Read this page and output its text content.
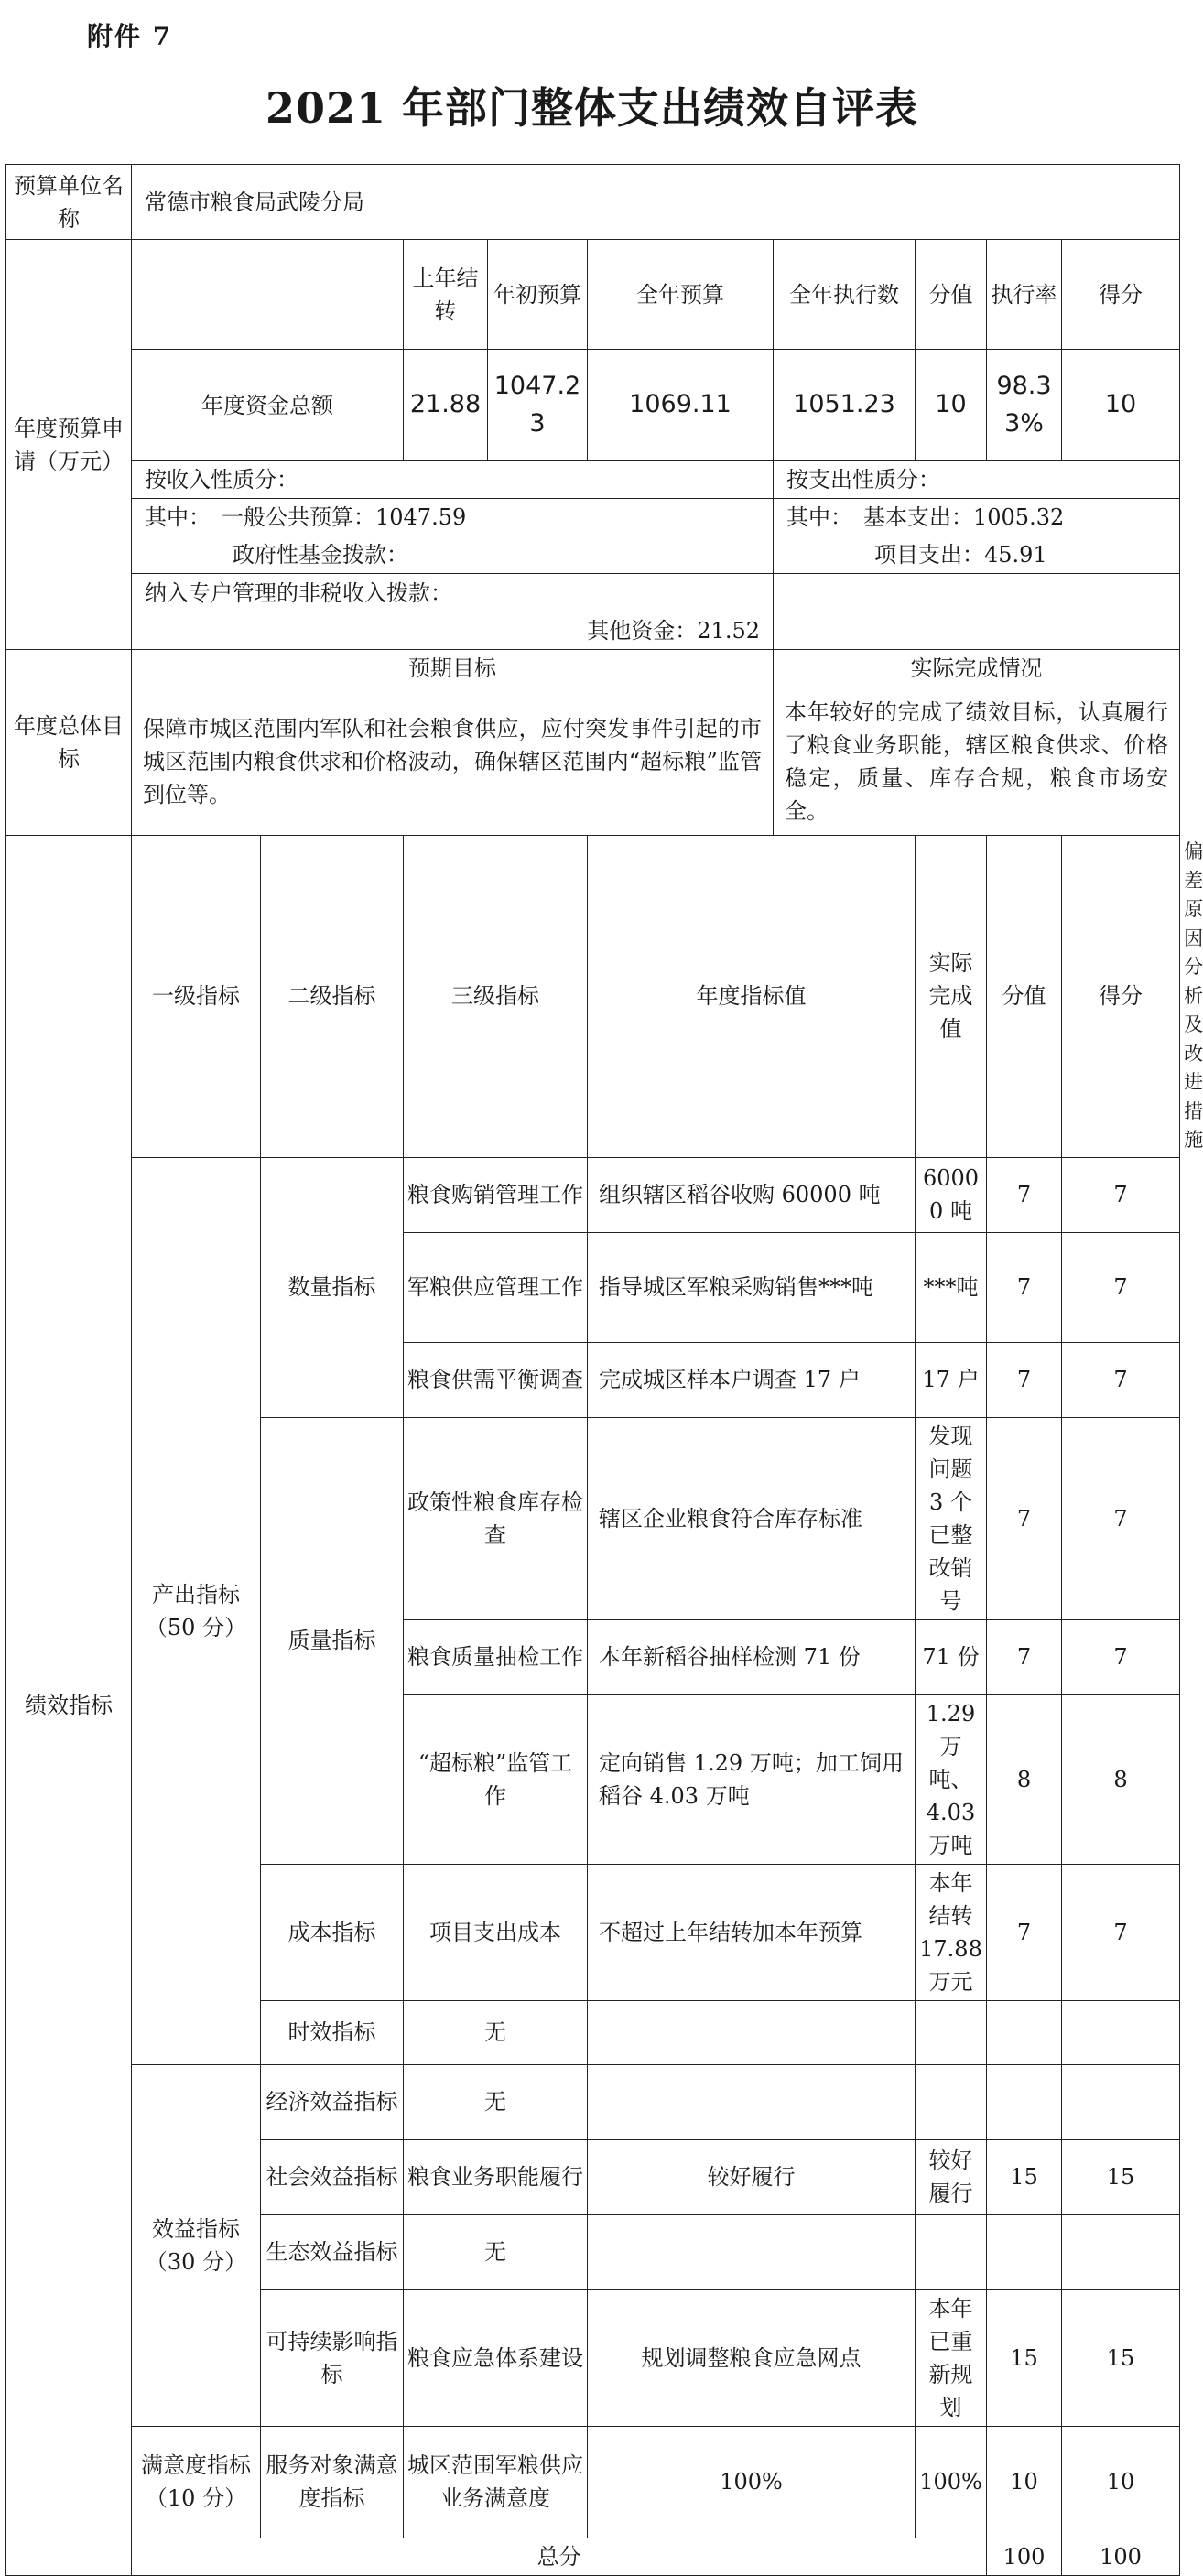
附件 7
2021 年部门整体支出绩效自评表
预算单位名称	常德市粮食局武陵分局									
年度预算申请（万元）			上年结转	年初预算	全年预算	全年执行数	分值	执行率	得分	
	年度资金总额		21.88	1047.23	1069.11	1051.23	10	98.33%	10	
	按收入性质分：					按支出性质分：				
	其中：　一般公共预算：1047.59					其中：　基本支出：1005.32				
	政府性基金拨款：					项目支出：45.91				
	纳入专户管理的非税收入拨款：									
	其他资金：21.52									
年度总体目标	预期目标					实际完成情况				
	保障市城区范围内军队和社会粮食供应，应付突发事件引起的市城区范围内粮食供求和价格波动，确保辖区范围内“超标粮”监管到位等。					本年较好的完成了绩效目标，认真履行了粮食业务职能，辖区粮食供求、价格稳定，质量、库存合规，粮食市场安全。				
绩效指标	一级指标	二级指标	三级指标		年度指标值		实际完成值	分值	得分	偏差原因分析及改进措施
	产出指标（50 分）	数量指标	粮食购销管理工作		组织辖区稻谷收购 60000 吨		60000 吨	7	7	
			军粮供应管理工作		指导城区军粮采购销售***吨		***吨	7	7	
			粮食供需平衡调查		完成城区样本户调查 17 户		17 户	7	7	
		质量指标	政策性粮食库存检查		辖区企业粮食符合库存标准		发现问题 3 个已整改销号	7	7	
			粮食质量抽检工作		本年新稻谷抽样检测 71 份		71 份	7	7	
			“超标粮”监管工作		定向销售 1.29 万吨；加工饲用稻谷 4.03 万吨		1.29 万吨、4.03 万吨	8	8	
		成本指标	项目支出成本		不超过上年结转加本年预算		本年结转 17.88 万元	7	7	
		时效指标	无							
	效益指标（30 分）	经济效益指标	无							
		社会效益指标	粮食业务职能履行		较好履行		较好履行	15	15	
		生态效益指标	无							
		可持续影响指标	粮食应急体系建设		规划调整粮食应急网点		本年已重新规划	15	15	
	满意度指标（10 分）	服务对象满意度指标	城区范围军粮供应业务满意度		100%		100%	10	10	
	总分							100	100	
